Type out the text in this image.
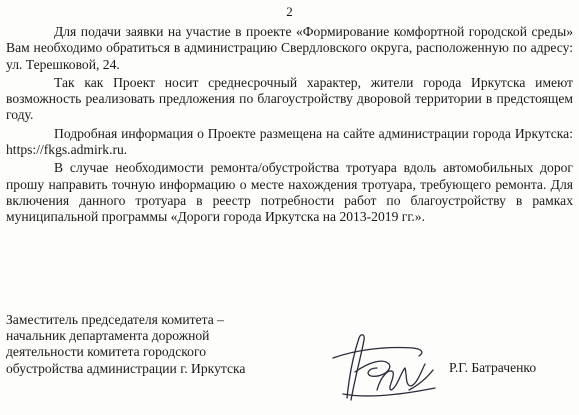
2

Для подачи заявки на участие в проекте «Формирование комфортной городской среды» Вам необходимо обратиться в администрацию Свердловского округа, расположенную по адресу: ул. Терешковой, 24.

Так как Проект носит среднесрочный характер, жители города Иркутска имеют возможность реализовать предложения по благоустройству дворовой территории в предстоящем году.

Подробная информация о Проекте размещена на сайте администрации города Иркутска: https://fkgs.admirk.ru.

В случае необходимости ремонта/обустройства тротуара вдоль автомобильных дорог прошу направить точную информацию о месте нахождения тротуара, требующего ремонта. Для включения данного тротуара в реестр потребности работ по благоустройству в рамках муниципальной программы «Дороги города Иркутска на 2013-2019 гг.».

Заместитель председателя комитета –
начальник департамента дорожной
деятельности комитета городского
обустройства администрации г. Иркутска	Р.Г. Батраченко
